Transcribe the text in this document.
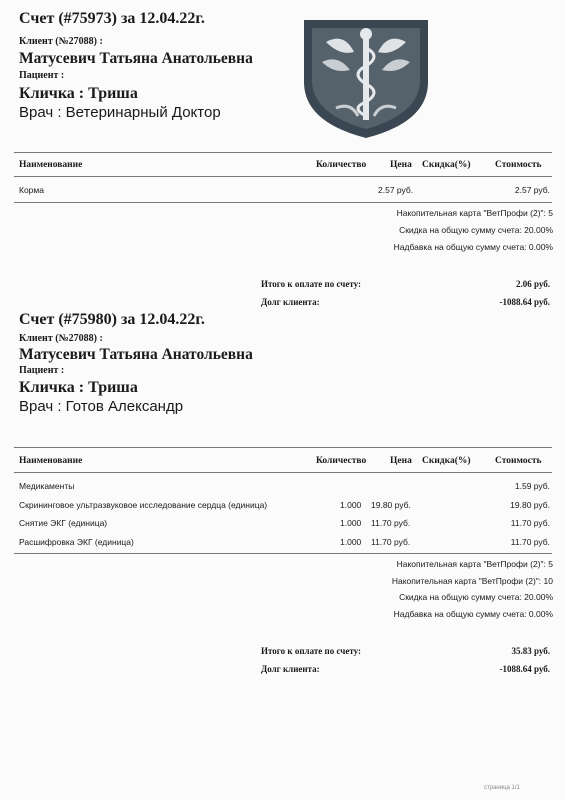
Счет (#75973) за 12.04.22г.
Клиент (№27088) :
Матусевич Татьяна Анатольевна
Пациент :
Кличка : Триша
Врач : Ветеринарный Доктор
Наименование	Количество	Цена Скидка(%)	Стоимость
Корма	2.57 руб.	2.57 руб.
Накопительная карта "ВетПрофи (2)": 5
Скидка на общую сумму счета: 20.00%
Надбавка на общую сумму счета: 0.00%
Итого к оплате по счету:	2.06 руб.
Долг клиента:	-1088.64 руб.
Счет (#75980) за 12.04.22г.
Клиент (№27088) :
Матусевич Татьяна Анатольевна
Пациент :
Кличка : Триша
Врач : Готов Александр
Наименование	Количество	Цена Скидка(%)	Стоимость
Медикаменты	1.59 руб.
Скрининговое ультразвуковое исследование сердца (единица)	1.000 19.80 руб.	19.80 руб.
Снятие ЭКГ (единица)	1.000 11.70 руб.	11.70 руб.
Расшифровка ЭКГ (единица)	1.000 11.70 руб.	11.70 руб.
Накопительная карта "ВетПрофи (2)": 5
Накопительная карта "ВетПрофи (2)": 10
Скидка на общую сумму счета: 20.00%
Надбавка на общую сумму счета: 0.00%
Итого к оплате по счету:	35.83 руб.
Долг клиента:	-1088.64 руб.
страница 1/1
